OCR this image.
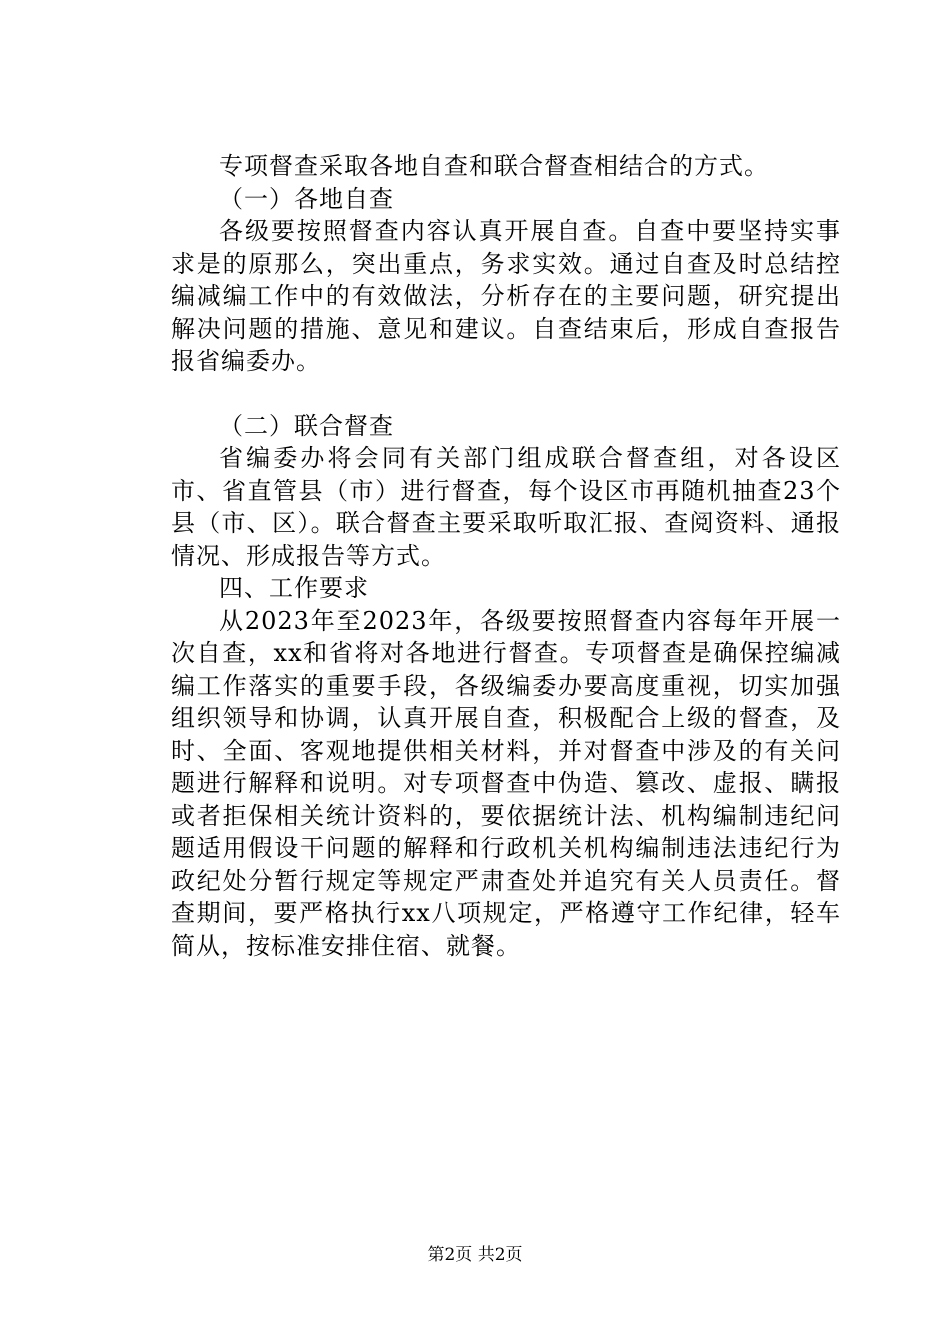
专项督查采取各地自查和联合督查相结合的方式。

（一）各地自查

各级要按照督查内容认真开展自查。自查中要坚持实事求是的原那么，突出重点，务求实效。通过自查及时总结控编减编工作中的有效做法，分析存在的主要问题，研究提出解决问题的措施、意见和建议。自查结束后，形成自查报告报省编委办。

（二）联合督查

省编委办将会同有关部门组成联合督查组，对各设区市、省直管县（市）进行督查，每个设区市再随机抽查23个县（市、区）。联合督查主要采取听取汇报、查阅资料、通报情况、形成报告等方式。

四、工作要求

从2023年至2023年，各级要按照督查内容每年开展一次自查，xx和省将对各地进行督查。专项督查是确保控编减编工作落实的重要手段，各级编委办要高度重视，切实加强组织领导和协调，认真开展自查，积极配合上级的督查，及时、全面、客观地提供相关材料，并对督查中涉及的有关问题进行解释和说明。对专项督查中伪造、篡改、虚报、瞒报或者拒保相关统计资料的，要依据统计法、机构编制违纪问题适用假设干问题的解释和行政机关机构编制违法违纪行为政纪处分暂行规定等规定严肃查处并追究有关人员责任。督查期间，要严格执行xx八项规定，严格遵守工作纪律，轻车简从，按标准安排住宿、就餐。

第2页 共2页
